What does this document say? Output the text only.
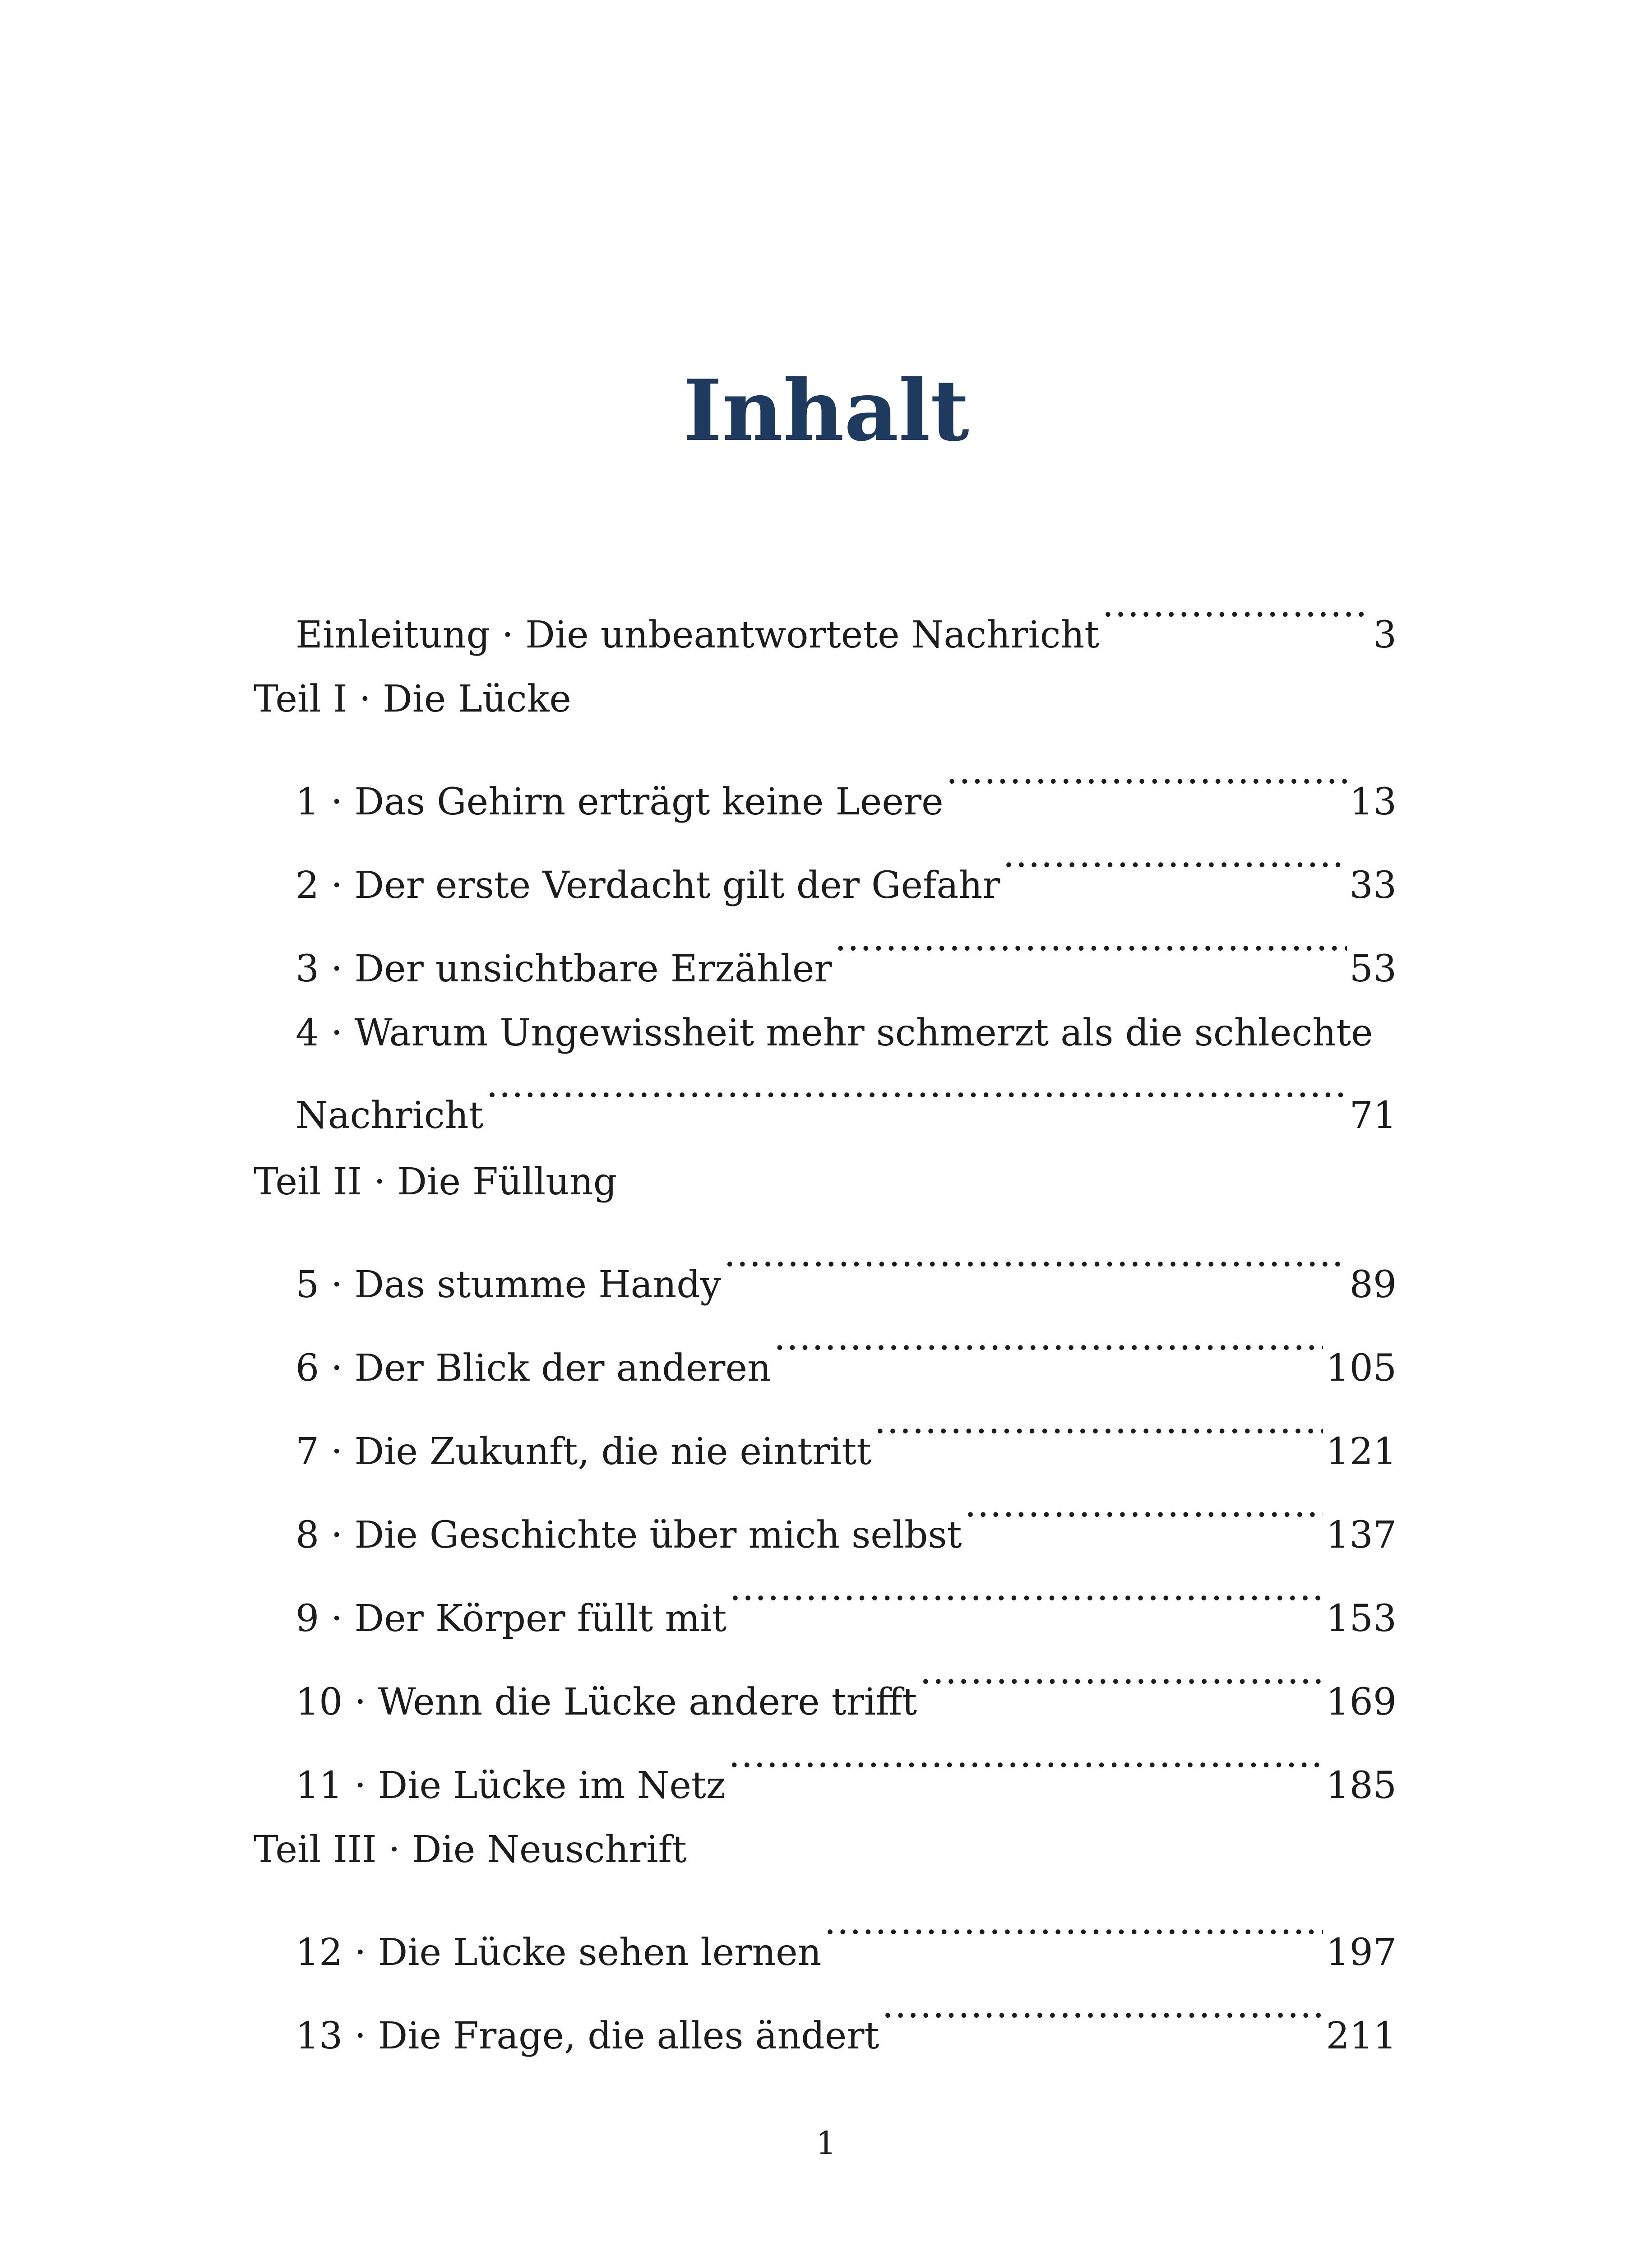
Inhalt
Einleitung · Die unbeantwortete Nachricht .....	3
Teil I · Die Lücke
1 · Das Gehirn erträgt keine Leere .....	13
2 · Der erste Verdacht gilt der Gefahr .....	33
3 · Der unsichtbare Erzähler .....	53
4 · Warum Ungewissheit mehr schmerzt als die schlechte
Nachricht .....	71
Teil II · Die Füllung
5 · Das stumme Handy .....	89
6 · Der Blick der anderen .....	105
7 · Die Zukunft, die nie eintritt .....	121
8 · Die Geschichte über mich selbst .....	137
9 · Der Körper füllt mit .....	153
10 · Wenn die Lücke andere trifft .....	169
11 · Die Lücke im Netz .....	185
Teil III · Die Neuschrift
12 · Die Lücke sehen lernen .....	197
13 · Die Frage, die alles ändert .....	211
1
